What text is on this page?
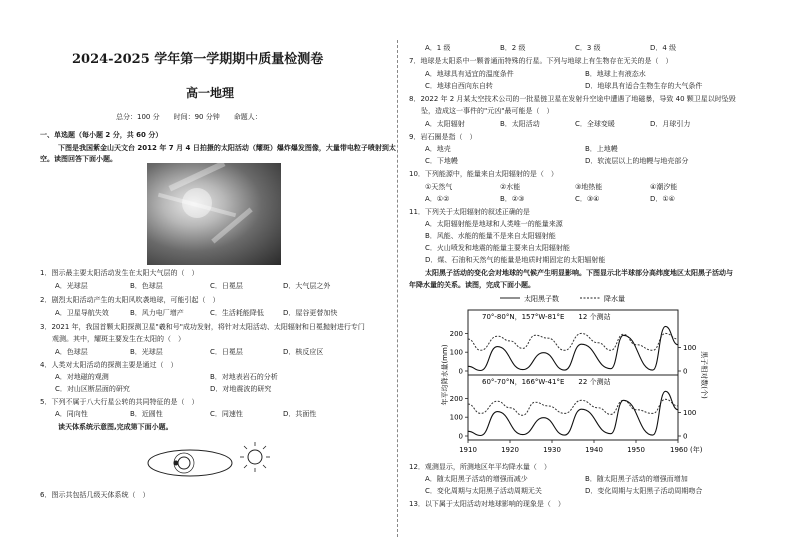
2024-2025 学年第一学期期中质量检测卷
高一地理
总分：100 分　　时间：90 分钟　　命题人：
一、单选题（每小题 2 分，共 60 分）
下图是我国紫金山天文台 2012 年 7 月 4 日拍摄的太阳活动（耀斑）爆炸爆发图像，大量带电粒子喷射到太
空。读图回答下面小题。
1．图示最主要太阳活动发生在太阳大气层的（　）
A．光球层	B．色球层	C．日冕层	D．大气层之外
2．剧烈太阳活动产生的太阳风吹袭地球，可能引起（　）
A．卫星导航失效	B．风力电厂增产	C．生活耗能降低	D．屋谷更替加快
3．2021 年，我国首颗太阳探测卫星"羲和号"成功发射，将针对太阳活动、太阳辐射和日冕抛射进行专门
观测。其中，耀斑主要发生在太阳的（　）
A．色球层	B．光球层	C．日冕层	D．核反应区
4．人类对太阳活动的探测主要是通过（　）
A．对地磁的观测	B．对地表岩石的分析
C．对山区断层面的研究	D．对地震波的研究
5．下列不属于八大行星公转的共同特征的是（　）
A．同向性	B．近圆性	C．同速性	D．共面性
读天体系统示意图,完成第下面小题。
6．图示共包括几级天体系统（　）
A．1 级	B．2 级	C．3 级	D．4 级
7．地球是太阳系中一颗普通而特殊的行星。下列与地球上有生物存在无关的是（　）
A．地球具有适宜的温度条件	B．地球上有液态水
C．地球自西向东自转	D．地球具有适合生物生存的大气条件
8．2022 年 2 月某太空技术公司的一批星链卫星在发射升空途中遭遇了地磁暴，导致 40 颗卫星以时坠毁
坠，造成这一事件的"元凶"最可能是（　）
A．太阳辐射	B．太阳活动	C．全球变暖	D．月球引力
9．岩石圈是指（　）
A．地壳	B．上地幔
C．下地幔	D．软流层以上的地幔与地壳部分
10．下列能源中，能量来自太阳辐射的是（　）
①天然气	②水能	③地热能	④潮汐能
A．①②	B．②③	C．③④	D．①④
11．下列关于太阳辐射的叙述正确的是
A．太阳辐射能是地球和人类唯一的能量来源
B．风能、水能的能量不是来自太阳辐射能
C．火山喷发和地震的能量主要来自太阳辐射能
D．煤、石油和天然气的能量是地质时期固定的太阳辐射能
太阳黑子活动的变化会对地球的气候产生明显影响。下图显示北半球部分高纬度地区太阳黑子活动与
年降水量的关系。读图，完成下面小题。
太阳黑子数	降水量
70°-80°N，157°W-81°E　　12 个测站
200
100
0
100
0
60°-70°N，166°W-41°E　　22 个测站
200
100
0
100
0
1910	1920	1930	1940	1950	1960 (年)
年平均降水量(mm)	黑子相对数(个)
12．观测显示，所测地区年平均降水量（　）
A．随太阳黑子活动的增强而减少	B．随太阳黑子活动的增强而增加
C．变化周期与太阳黑子活动周期无关	D．变化周期与太阳黑子活动周期吻合
13．以下属于太阳活动对地球影响的现象是（　）
